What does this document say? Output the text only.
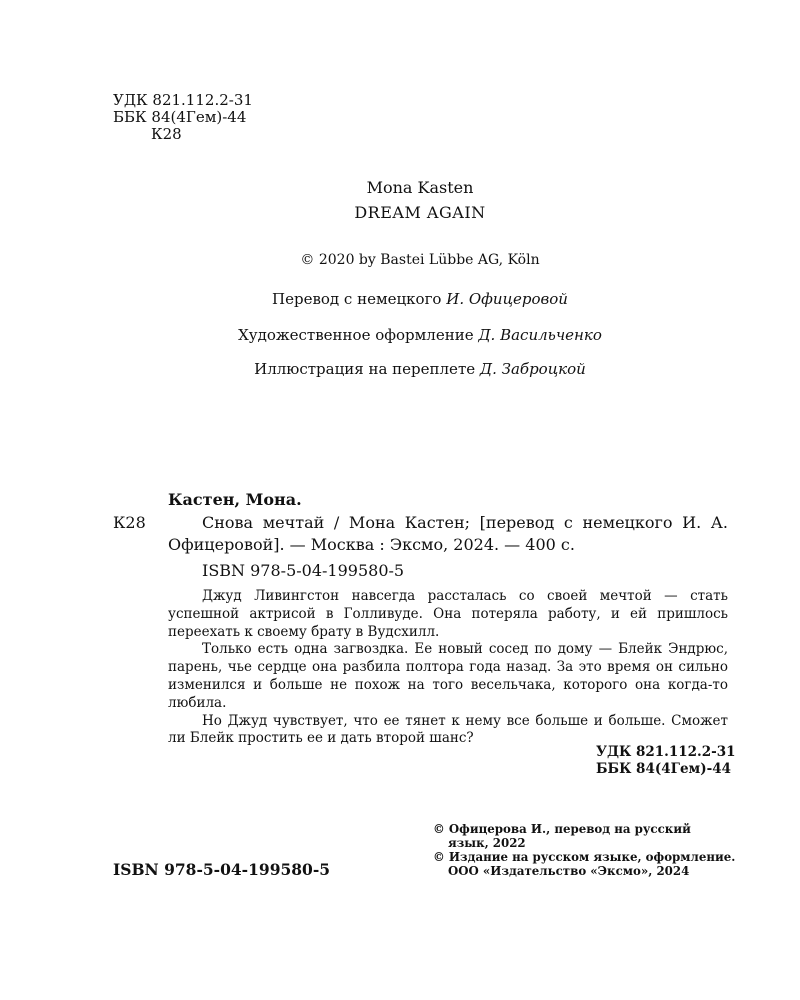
УДК 821.112.2-31
ББК 84(4Гем)-44
К28
Mona Kasten
DREAM AGAIN
© 2020 by Bastei Lübbe AG, Köln
Перевод с немецкого И. Офицеровой
Художественное оформление Д. Васильченко
Иллюстрация на переплете Д. Заброцкой
Кастен, Мона.
К28	Снова мечтай / Мона Кастен; [перевод с немецкого И. А. Офицеровой]. — Москва : Эксмо, 2024. — 400 с.
ISBN 978-5-04-199580-5

Джуд Ливингстон навсегда рассталась со своей мечтой — стать успешной актрисой в Голливуде. Она потеряла работу, и ей пришлось переехать к своему брату в Вудсхилл.

Только есть одна загвоздка. Ее новый сосед по дому — Блейк Эндрюс, парень, чье сердце она разбила полтора года назад. За это время он сильно изменился и больше не похож на того весельчака, которого она когда-то любила.

Но Джуд чувствует, что ее тянет к нему все больше и больше. Сможет ли Блейк простить ее и дать второй шанс?

УДК 821.112.2-31
ББК 84(4Гем)-44
© Офицерова И., перевод на русский
язык, 2022
© Издание на русском языке, оформление.
ООО «Издательство «Эксмо», 2024
ISBN 978-5-04-199580-5
